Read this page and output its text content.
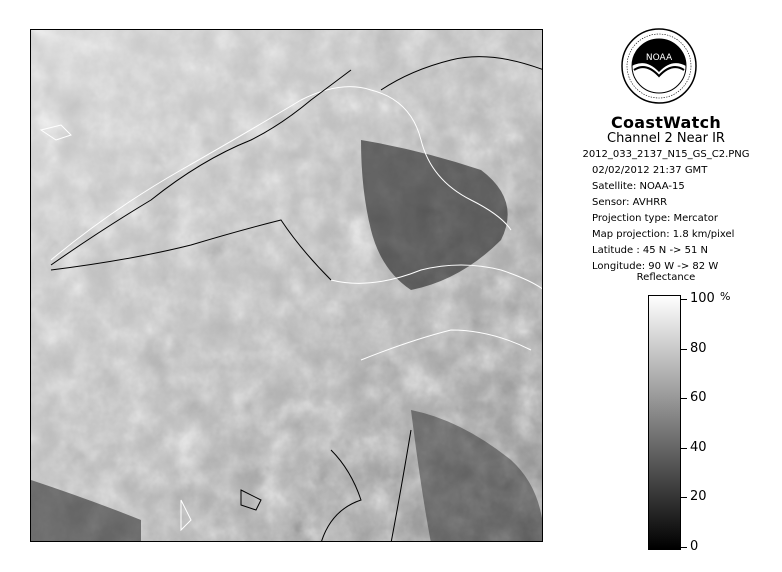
NOAA
CoastWatch
Channel 2 Near IR
2012_033_2137_N15_GS_C2.PNG
02/02/2012 21:37 GMT
Satellite: NOAA-15
Sensor: AVHRR
Projection type: Mercator
Map projection: 1.8 km/pixel
Latitude : 45 N -> 51 N
Longitude: 90 W -> 82 W
Reflectance
%
100
80
60
40
20
0
